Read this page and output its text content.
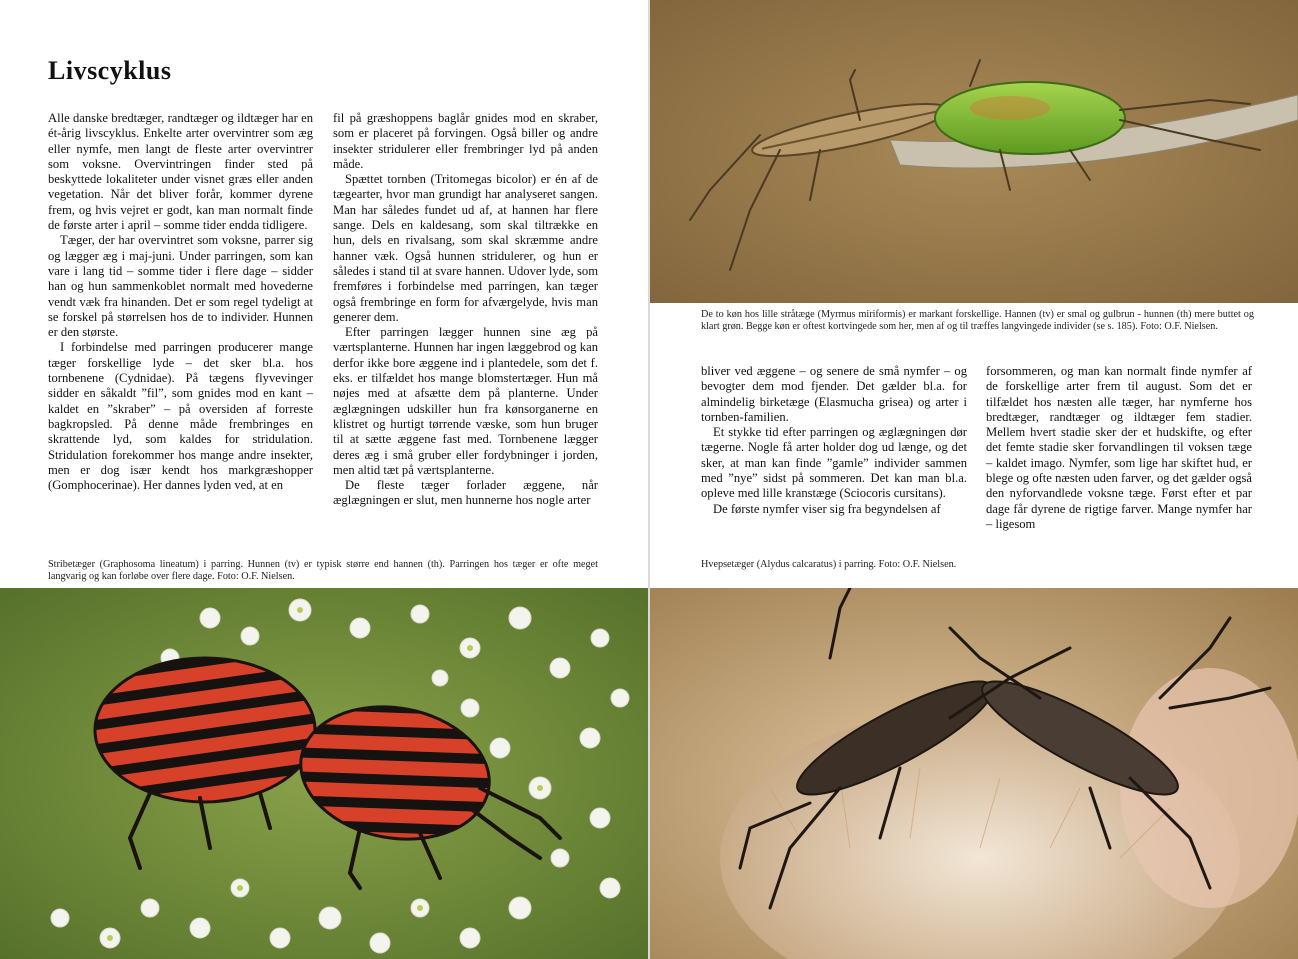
Livscyklus

Alle danske bredtæger, randtæger og ildtæger har en ét-årig livscyklus. Enkelte arter overvintrer som æg eller nymfe, men langt de fleste arter overvintrer som voksne. Overvintringen finder sted på beskyttede lokaliteter under visnet græs eller anden vegetation. Når det bliver forår, kommer dyrene frem, og hvis vejret er godt, kan man normalt finde de første arter i april – somme tider endda tidligere.

Tæger, der har overvintret som voksne, parrer sig og lægger æg i maj-juni. Under parringen, som kan vare i lang tid – somme tider i flere dage – sidder han og hun sammenkoblet normalt med hovederne vendt væk fra hinanden. Det er som regel tydeligt at se forskel på størrelsen hos de to individer. Hunnen er den største.

I forbindelse med parringen producerer mange tæger forskellige lyde – det sker bl.a. hos tornbenene (Cydnidae). På tægens flyvevinger sidder en såkaldt ”fil”, som gnides mod en kant – kaldet en ”skraber” – på oversiden af forreste bagkropsled. På denne måde frembringes en skrattende lyd, som kaldes for stridulation. Stridulation forekommer hos mange andre insekter, men er dog især kendt hos markgræshopper (Gomphocerinae). Her dannes lyden ved, at en

fil på græshoppens baglår gnides mod en skraber, som er placeret på forvingen. Også biller og andre insekter stridulerer eller frembringer lyd på anden måde.

Spættet tornben (Tritomegas bicolor) er én af de tægearter, hvor man grundigt har analyseret sangen. Man har således fundet ud af, at hannen har flere sange. Dels en kaldesang, som skal tiltrække en hun, dels en rivalsang, som skal skræmme andre hanner væk. Også hunnen stridulerer, og hun er således i stand til at svare hannen. Udover lyde, som fremføres i forbindelse med parringen, kan tæger også frembringe en form for afværgelyde, hvis man generer dem.

Efter parringen lægger hunnen sine æg på værtsplanterne. Hunnen har ingen læggebrod og kan derfor ikke bore æggene ind i plantedele, som det f. eks. er tilfældet hos mange blomstertæger. Hun må nøjes med at afsætte dem på planterne. Under æglægningen udskiller hun fra kønsorganerne en klistret og hurtigt tørrende væske, som hun bruger til at sætte æggene fast med. Tornbenene lægger deres æg i små gruber eller fordybninger i jorden, men altid tæt på værtsplanterne.

De fleste tæger forlader æggene, når æglægningen er slut, men hunnerne hos nogle arter

Stribetæger (Graphosoma lineatum) i parring. Hunnen (tv) er typisk større end hannen (th). Parringen hos tæger er ofte meget langvarig og kan forløbe over flere dage. Foto: O.F. Nielsen.
De to køn hos lille stråtæge (Myrmus miriformis) er markant forskellige. Hannen (tv) er smal og gulbrun - hunnen (th) mere buttet og klart grøn. Begge køn er oftest kortvingede som her, men af og til træffes langvingede individer (se s. 185). Foto: O.F. Nielsen.

bliver ved æggene – og senere de små nymfer – og bevogter dem mod fjender. Det gælder bl.a. for almindelig birketæge (Elasmucha grisea) og arter i tornben-familien.

Et stykke tid efter parringen og æglægningen dør tægerne. Nogle få arter holder dog ud længe, og det sker, at man kan finde ”gamle” individer sammen med ”nye” sidst på sommeren. Det kan man bl.a. opleve med lille kranstæge (Sciocoris cursitans).

De første nymfer viser sig fra begyndelsen af

forsommeren, og man kan normalt finde nymfer af de forskellige arter frem til august. Som det er tilfældet hos næsten alle tæger, har nymferne hos bredtæger, randtæger og ildtæger fem stadier. Mellem hvert stadie sker der et hudskifte, og efter det femte stadie sker forvandlingen til voksen tæge – kaldet imago. Nymfer, som lige har skiftet hud, er blege og ofte næsten uden farver, og det gælder også den nyforvandlede voksne tæge. Først efter et par dage får dyrene de rigtige farver. Mange nymfer har – ligesom

Hvepsetæger (Alydus calcaratus) i parring. Foto: O.F. Nielsen.
